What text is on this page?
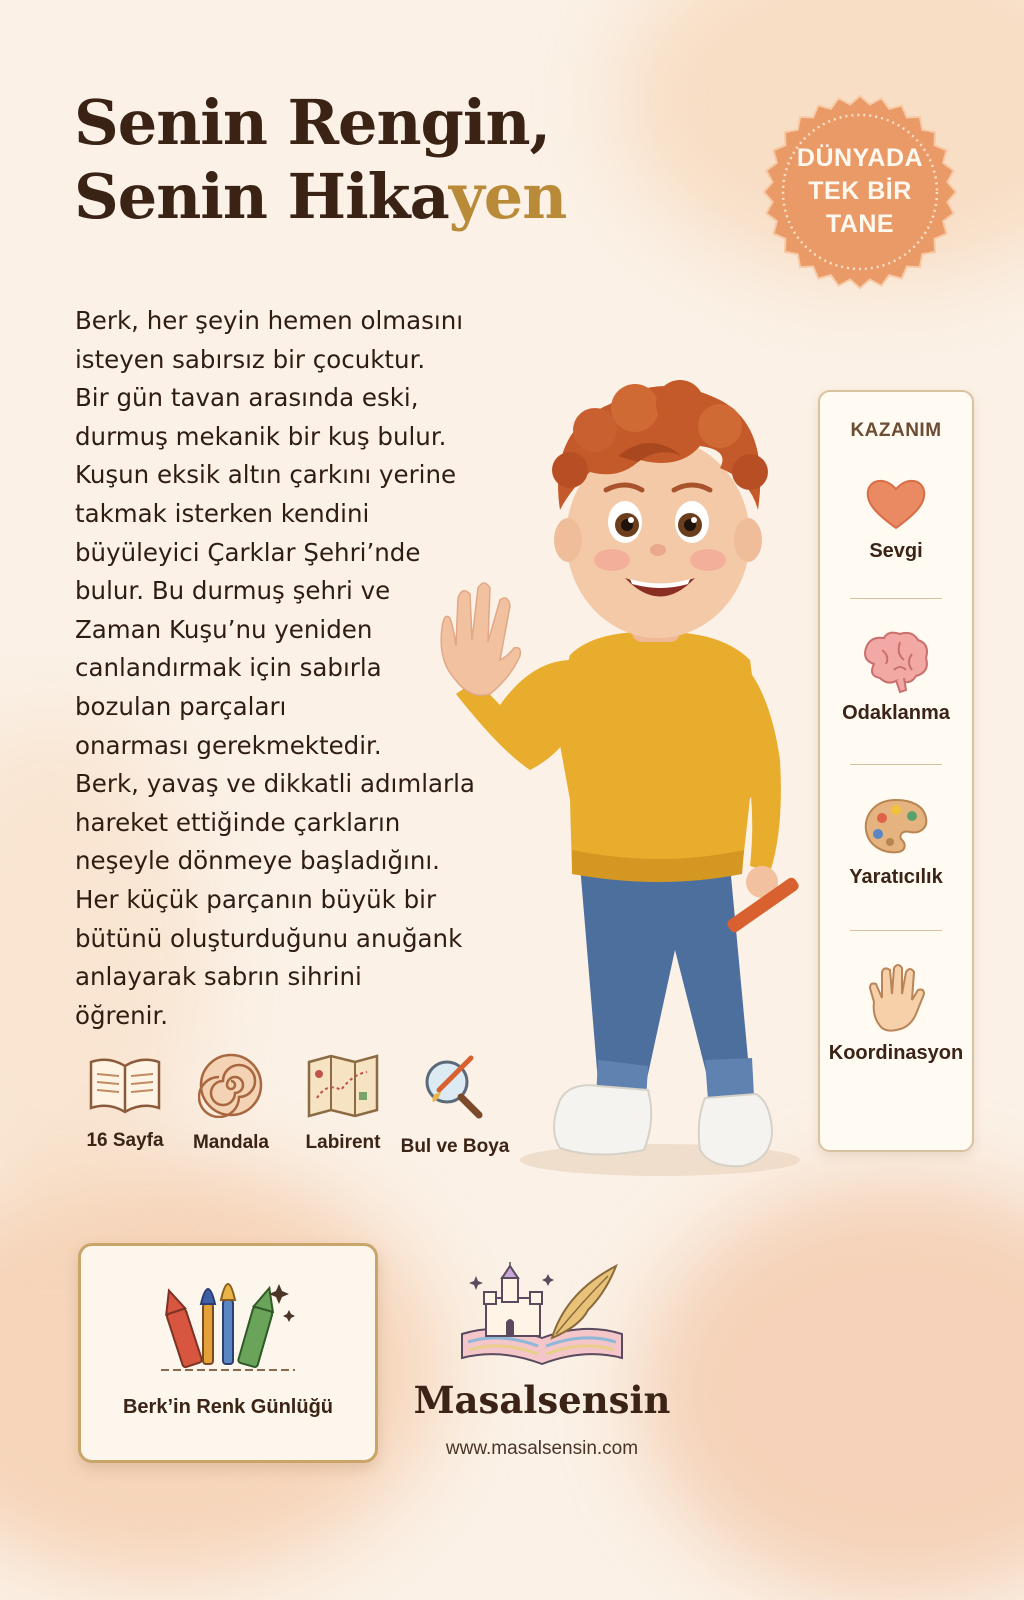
Senin Rengin,
Senin Hikayen
DÜNYADA
TEK BİR
TANE
Berk, her şeyin hemen olmasını
isteyen sabırsız bir çocuktur.
Bir gün tavan arasında eski,
durmuş mekanik bir kuş bulur.
Kuşun eksik altın çarkını yerine
takmak isterken kendini
büyüleyici Çarklar Şehri’nde
bulur. Bu durmuş şehri ve
Zaman Kuşu’nu yeniden
canlandırmak için sabırla
bozulan parçaları
onarması gerekmektedir.
Berk, yavaş ve dikkatli adımlarla
hareket ettiğinde çarkların
neşeyle dönmeye başladığını.
Her küçük parçanın büyük bir
bütünü oluşturduğunu anuğank
anlayarak sabrın sihrini
öğrenir.
KAZANIM
Sevgi
Odaklanma
Yaratıcılık
Koordinasyon
16 Sayfa	Mandala	Labirent	Bul ve Boya
Berk’in Renk Günlüğü	Masalsensin
www.masalsensin.com
